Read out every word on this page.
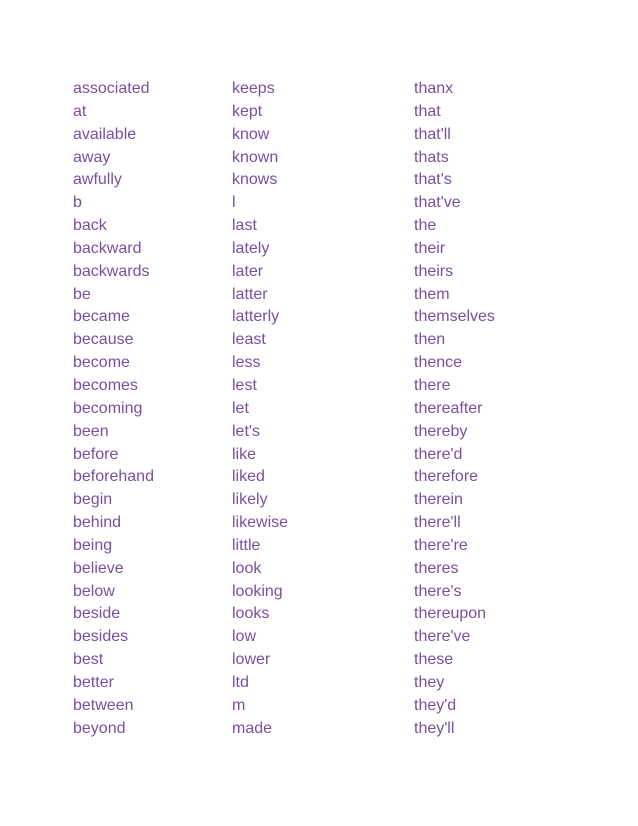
associated
at
available
away
awfully
b
back
backward
backwards
be
became
because
become
becomes
becoming
been
before
beforehand
begin
behind
being
believe
below
beside
besides
best
better
between
beyond
keeps
kept
know
known
knows
l
last
lately
later
latter
latterly
least
less
lest
let
let's
like
liked
likely
likewise
little
look
looking
looks
low
lower
ltd
m
made
thanx
that
that'll
thats
that's
that've
the
their
theirs
them
themselves
then
thence
there
thereafter
thereby
there'd
therefore
therein
there'll
there're
theres
there's
thereupon
there've
these
they
they'd
they'll
